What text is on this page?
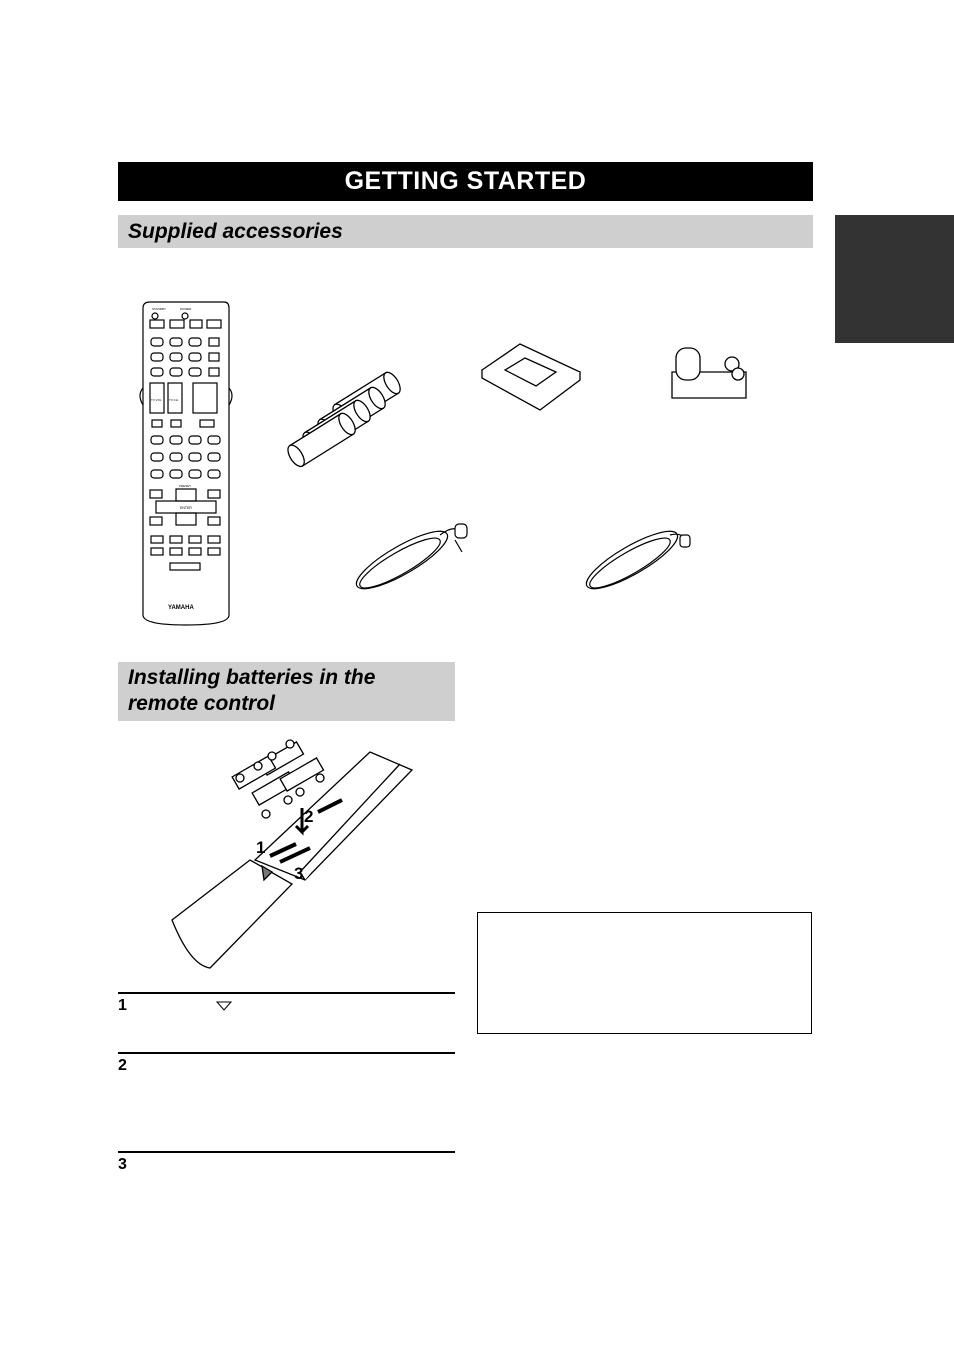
GETTING STARTED
Supplied accessories
STANDBY	POWER
TV VOL TV CH
PRESET
ENTER
YAMAHA
1
2
3
Installing batteries in the remote control
1
2
3
